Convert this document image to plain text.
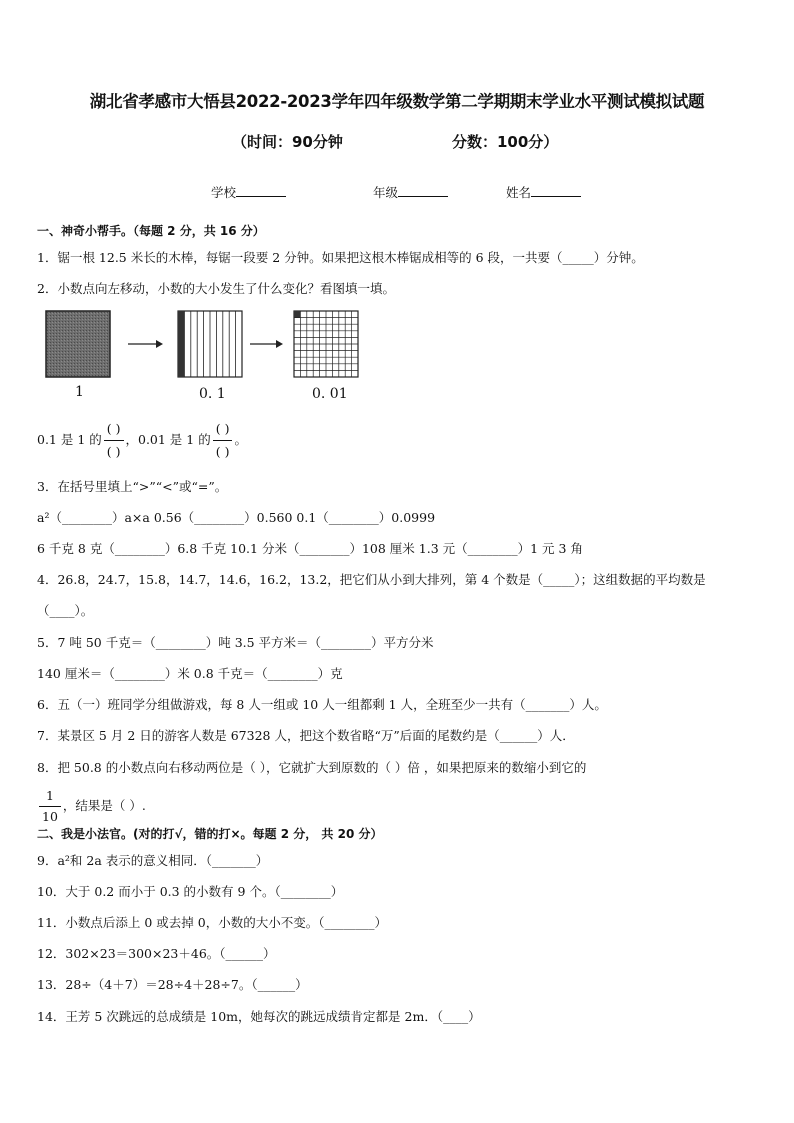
湖北省孝感市大悟县2022-2023学年四年级数学第二学期期末学业水平测试模拟试题
（时间：90分钟	分数：100分）
学校	年级	姓名
一、神奇小帮手。（每题 2 分，共 16 分）
1．锯一根 12.5 米长的木棒，每锯一段要 2 分钟。如果把这根木棒锯成相等的 6 段，一共要（_____）分钟。
2．小数点向左移动，小数的大小发生了什么变化？看图填一填。
1	0. 1	0. 01
0.1 是 1 的 $\frac{( )}{( )}$ ，0.01 是 1 的 $\frac{( )}{( )}$ 。
3．在括号里填上“>”“<”或“=”。
a²（________）a×a 0.56（________）0.560 0.1（________）0.0999
6 千克 8 克（________）6.8 千克 10.1 分米（________）108 厘米 1.3 元（________）1 元 3 角
4．26.8，24.7，15.8，14.7，14.6，16.2，13.2，把它们从小到大排列，第 4 个数是（_____）；这组数据的平均数是
（____）。
5．7 吨 50 千克＝（________）吨 3.5 平方米＝（________）平方分米
140 厘米＝（________）米 0.8 千克＝（________）克
6．五（一）班同学分组做游戏，每 8 人一组或 10 人一组都剩 1 人，全班至少一共有（_______）人。
7．某景区 5 月 2 日的游客人数是 67328 人，把这个数省略“万”后面的尾数约是（______）人．
8．把 50.8 的小数点向右移动两位是（ ），它就扩大到原数的（ ）倍 ，如果把原来的数缩小到它的
$\frac{1}{10}$ ，结果是（ ）.
二、我是小法官。(对的打√，错的打×。每题 2 分， 共 20 分）
9．a²和 2a 表示的意义相同．（_______）
10．大于 0.2 而小于 0.3 的小数有 9 个。（________）
11．小数点后添上 0 或去掉 0，小数的大小不变。（________）
12．302×23＝300×23＋46。（______）
13．28÷（4＋7）＝28÷4＋28÷7。（______）
14．王芳 5 次跳远的总成绩是 10m，她每次的跳远成绩肯定都是 2m．（____）
